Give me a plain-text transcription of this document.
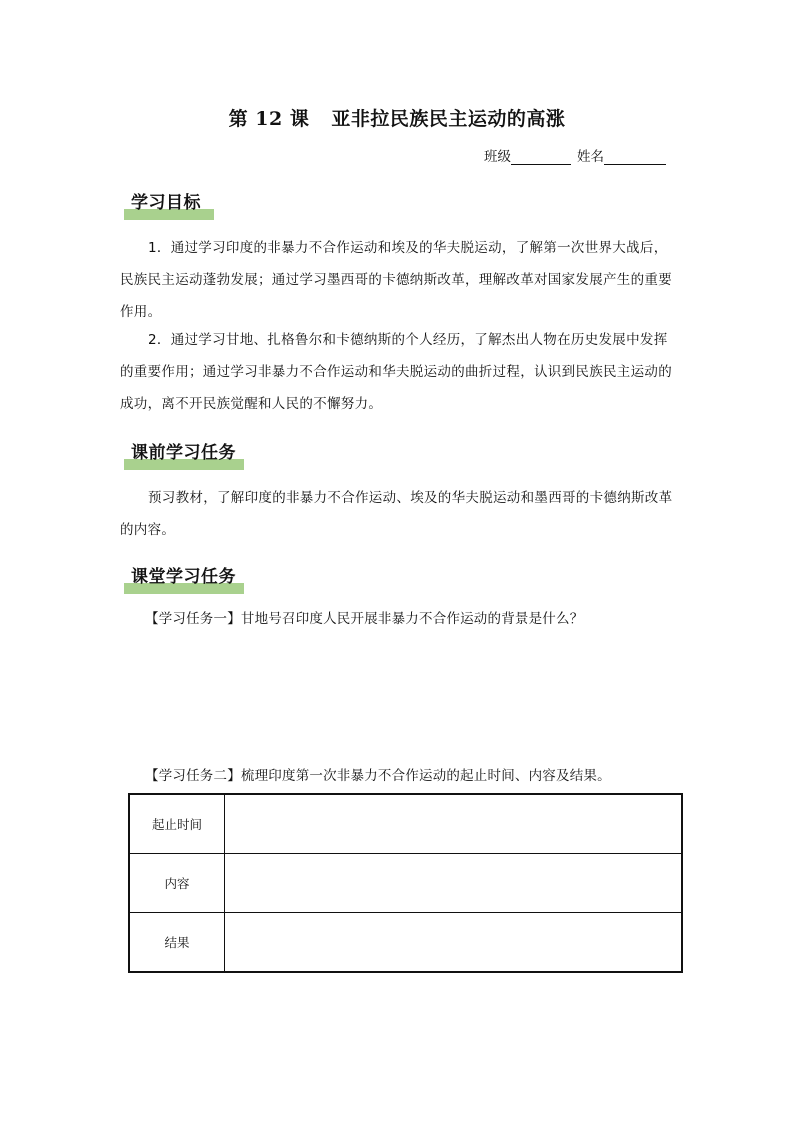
第 12 课 亚非拉民族民主运动的高涨
班级	姓名
学习目标
1．通过学习印度的非暴力不合作运动和埃及的华夫脱运动，了解第一次世界大战后，民族民主运动蓬勃发展；通过学习墨西哥的卡德纳斯改革，理解改革对国家发展产生的重要作用。
2．通过学习甘地、扎格鲁尔和卡德纳斯的个人经历，了解杰出人物在历史发展中发挥的重要作用；通过学习非暴力不合作运动和华夫脱运动的曲折过程，认识到民族民主运动的成功，离不开民族觉醒和人民的不懈努力。
课前学习任务
预习教材，了解印度的非暴力不合作运动、埃及的华夫脱运动和墨西哥的卡德纳斯改革的内容。
课堂学习任务
【学习任务一】甘地号召印度人民开展非暴力不合作运动的背景是什么？
【学习任务二】梳理印度第一次非暴力不合作运动的起止时间、内容及结果。
起止时间	
内容	
结果	
